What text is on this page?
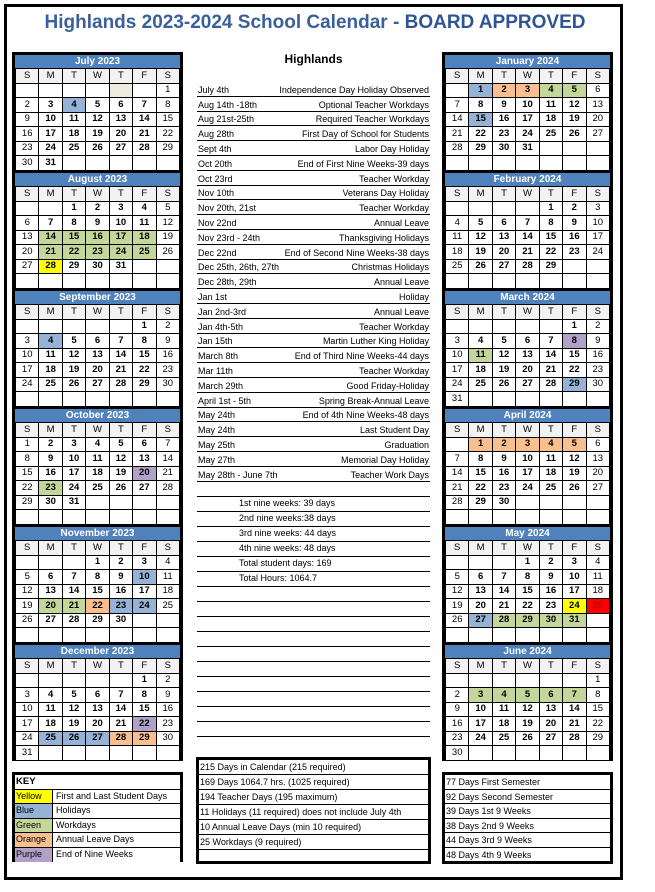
Highlands 2023-2024 School Calendar - BOARD APPROVED
July 2023
S	M	T	W	T	F	S
						1
2	3	4	5	6	7	8
9	10	11	12	13	14	15
16	17	18	19	20	21	22
23	24	25	26	27	28	29
30	31					
August 2023
S	M	T	W	T	F	S
		1	2	3	4	5
6	7	8	9	10	11	12
13	14	15	16	17	18	19
20	21	22	23	24	25	26
27	28	29	30	31		

September 2023
S	M	T	W	T	F	S
					1	2
3	4	5	6	7	8	9
10	11	12	13	14	15	16
17	18	19	20	21	22	23
24	25	26	27	28	29	30

October 2023
S	M	T	W	T	F	S
1	2	3	4	5	6	7
8	9	10	11	12	13	14
15	16	17	18	19	20	21
22	23	24	25	26	27	28
29	30	31				

November 2023
S	M	T	W	T	F	S
			1	2	3	4
5	6	7	8	9	10	11
12	13	14	15	16	17	18
19	20	21	22	23	24	25
26	27	28	29	30		

December 2023
S	M	T	W	T	F	S
					1	2
3	4	5	6	7	8	9
10	11	12	13	14	15	16
17	18	19	20	21	22	23
24	25	26	27	28	29	30
31						
January 2024
S	M	T	W	T	F	S
	1	2	3	4	5	6
7	8	9	10	11	12	13
14	15	16	17	18	19	20
21	22	23	24	25	26	27
28	29	30	31			

February 2024
S	M	T	W	T	F	S
				1	2	3
4	5	6	7	8	9	10
11	12	13	14	15	16	17
18	19	20	21	22	23	24
25	26	27	28	29		

March 2024
S	M	T	W	T	F	S
					1	2
3	4	5	6	7	8	9
10	11	12	13	14	15	16
17	18	19	20	21	22	23
24	25	26	27	28	29	30
31						
April 2024
S	M	T	W	T	F	S
	1	2	3	4	5	6
7	8	9	10	11	12	13
14	15	16	17	18	19	20
21	22	23	24	25	26	27
28	29	30				

May 2024
S	M	T	W	T	F	S
			1	2	3	4
5	6	7	8	9	10	11
12	13	14	15	16	17	18
19	20	21	22	23	24	25
26	27	28	29	30	31	

June 2024
S	M	T	W	T	F	S
						1
2	3	4	5	6	7	8
9	10	11	12	13	14	15
16	17	18	19	20	21	22
23	24	25	26	27	28	29
30						
Highlands
July 4th	Independence Day Holiday Observed
Aug 14th -18th	Optional Teacher Workdays
Aug 21st-25th	Required Teacher Workdays
Aug 28th	First Day of School for Students
Sept 4th	Labor Day Holiday
Oct 20th	End of First Nine Weeks-39 days
Oct 23rd	Teacher Workday
Nov 10th	Veterans Day Holiday
Nov 20th, 21st	Teacher Workday
Nov 22nd	Annual Leave
Nov 23rd - 24th	Thanksgiving Holidays
Dec 22nd	End of Second Nine Weeks-38 days
Dec 25th, 26th, 27th	Christmas Holidays
Dec 28th, 29th	Annual Leave
Jan 1st	Holiday
Jan 2nd-3rd	Annual Leave
Jan 4th-5th	Teacher Workday
Jan 15th	Martin Luther King Holiday
March 8th	End of Third Nine Weeks-44 days
Mar 11th	Teacher Workday
March 29th	Good Friday-Holiday
April 1st - 5th	Spring Break-Annual Leave
May 24th	End of 4th Nine Weeks-48 days
May 24th	Last Student Day
May 25th	Graduation
May 27th	Memorial Day Holiday
May 28th - June 7th	Teacher Work Days
1st nine weeks: 39 days
2nd nine weeks:38 days
3rd nine weeks: 44 days
4th nine weeks: 48 days
Total student days: 169
Total Hours: 1064.7
KEY
Yellow	First and Last Student Days
Blue	Holidays
Green	Workdays
Orange	Annual Leave Days
Purple	End of Nine Weeks
215 Days in Calendar (215 required)
169 Days 1064.7 hrs. (1025 required)
194 Teacher Days (195 maximum)
11 Holidays (11 required) does not include July 4th
10 Annual Leave Days (min 10 required)
25 Workdays (9 required)
77 Days First Semester
92 Days Second Semester
39 Days 1st 9 Weeks
38 Days 2nd 9 Weeks
44 Days 3rd 9 Weeks
48 Days 4th 9 Weeks
